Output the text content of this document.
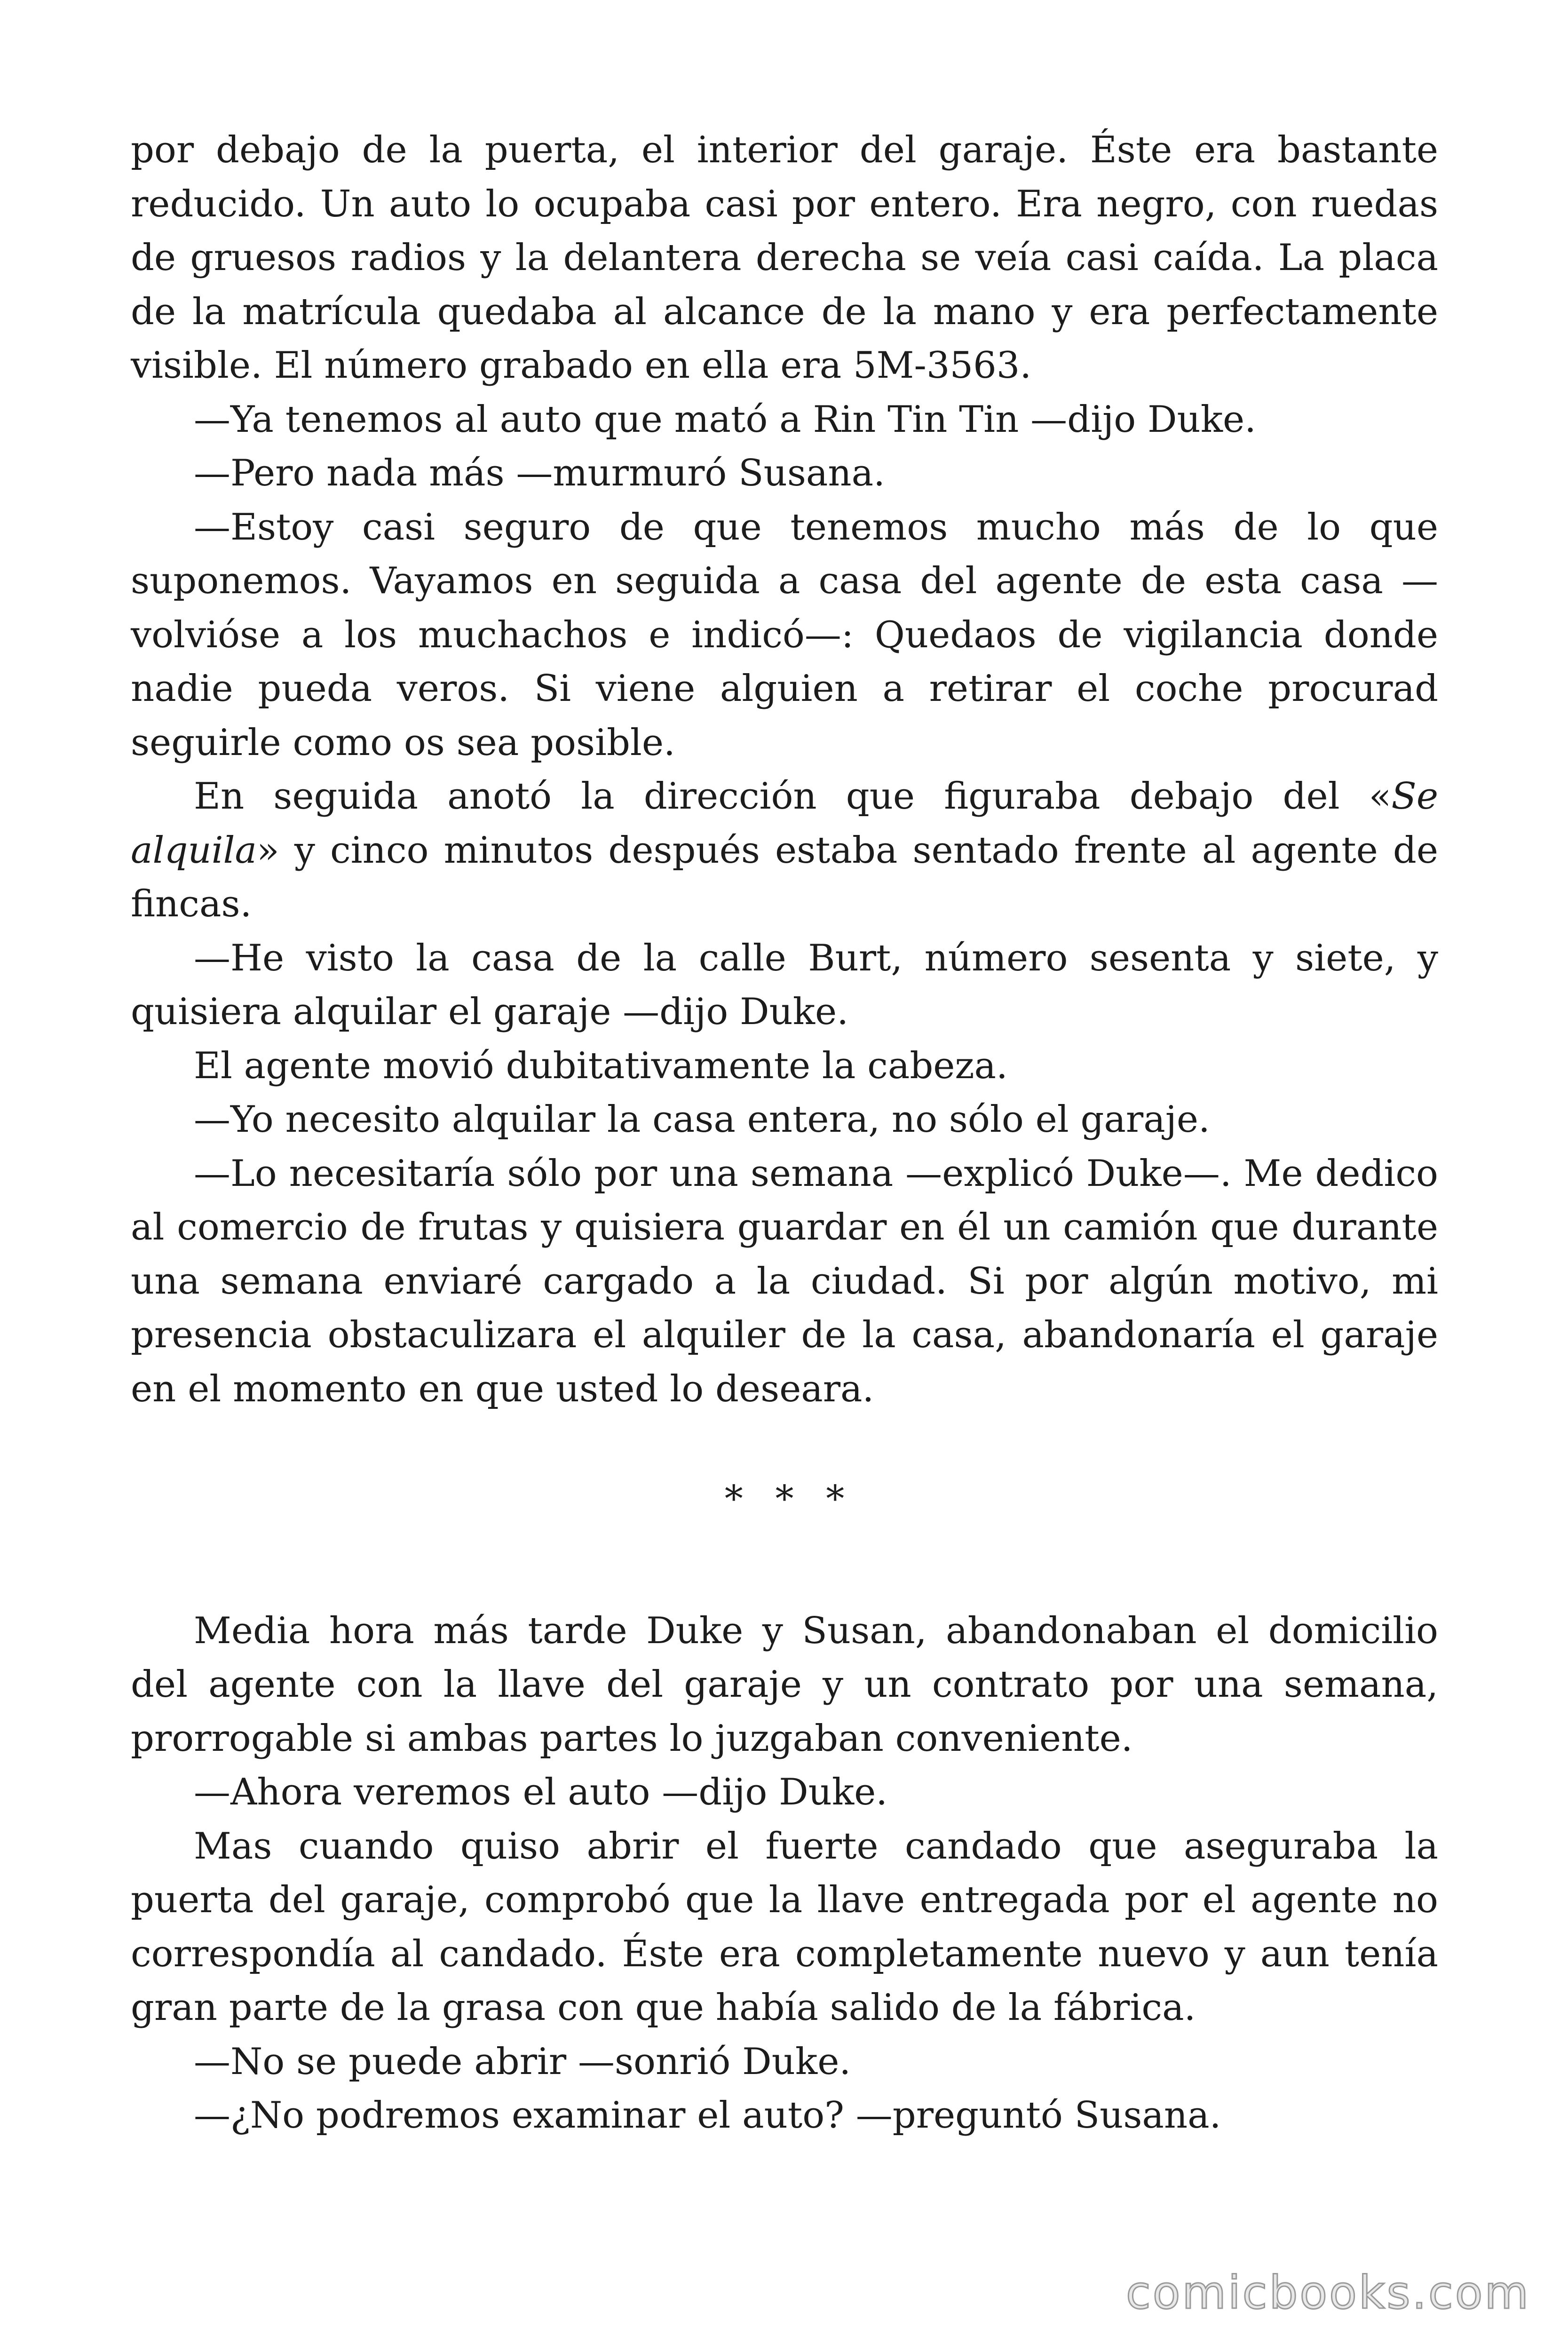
por debajo de la puerta, el interior del garaje. Éste era bastante reducido. Un auto lo ocupaba casi por entero. Era negro, con ruedas de gruesos radios y la delantera derecha se veía casi caída. La placa de la matrícula quedaba al alcance de la mano y era perfectamente visible. El número grabado en ella era 5M-3563.

—Ya tenemos al auto que mató a Rin Tin Tin —dijo Duke.

—Pero nada más —murmuró Susana.

—Estoy casi seguro de que tenemos mucho más de lo que suponemos. Vayamos en seguida a casa del agente de esta casa —volvióse a los muchachos e indicó—: Quedaos de vigilancia donde nadie pueda veros. Si viene alguien a retirar el coche procurad seguirle como os sea posible.

En seguida anotó la dirección que figuraba debajo del «Se alquila» y cinco minutos después estaba sentado frente al agente de fincas.

—He visto la casa de la calle Burt, número sesenta y siete, y quisiera alquilar el garaje —dijo Duke.

El agente movió dubitativamente la cabeza.

—Yo necesito alquilar la casa entera, no sólo el garaje.

—Lo necesitaría sólo por una semana —explicó Duke—. Me dedico al comercio de frutas y quisiera guardar en él un camión que durante una semana enviaré cargado a la ciudad. Si por algún motivo, mi presencia obstaculizara el alquiler de la casa, abandonaría el garaje en el momento en que usted lo deseara.

* * *

Media hora más tarde Duke y Susan, abandonaban el domicilio del agente con la llave del garaje y un contrato por una semana, prorrogable si ambas partes lo juzgaban conveniente.

—Ahora veremos el auto —dijo Duke.

Mas cuando quiso abrir el fuerte candado que aseguraba la puerta del garaje, comprobó que la llave entregada por el agente no correspondía al candado. Éste era completamente nuevo y aun tenía gran parte de la grasa con que había salido de la fábrica.

—No se puede abrir —sonrió Duke.

—¿No podremos examinar el auto? —preguntó Susana.

comicbooks.com
